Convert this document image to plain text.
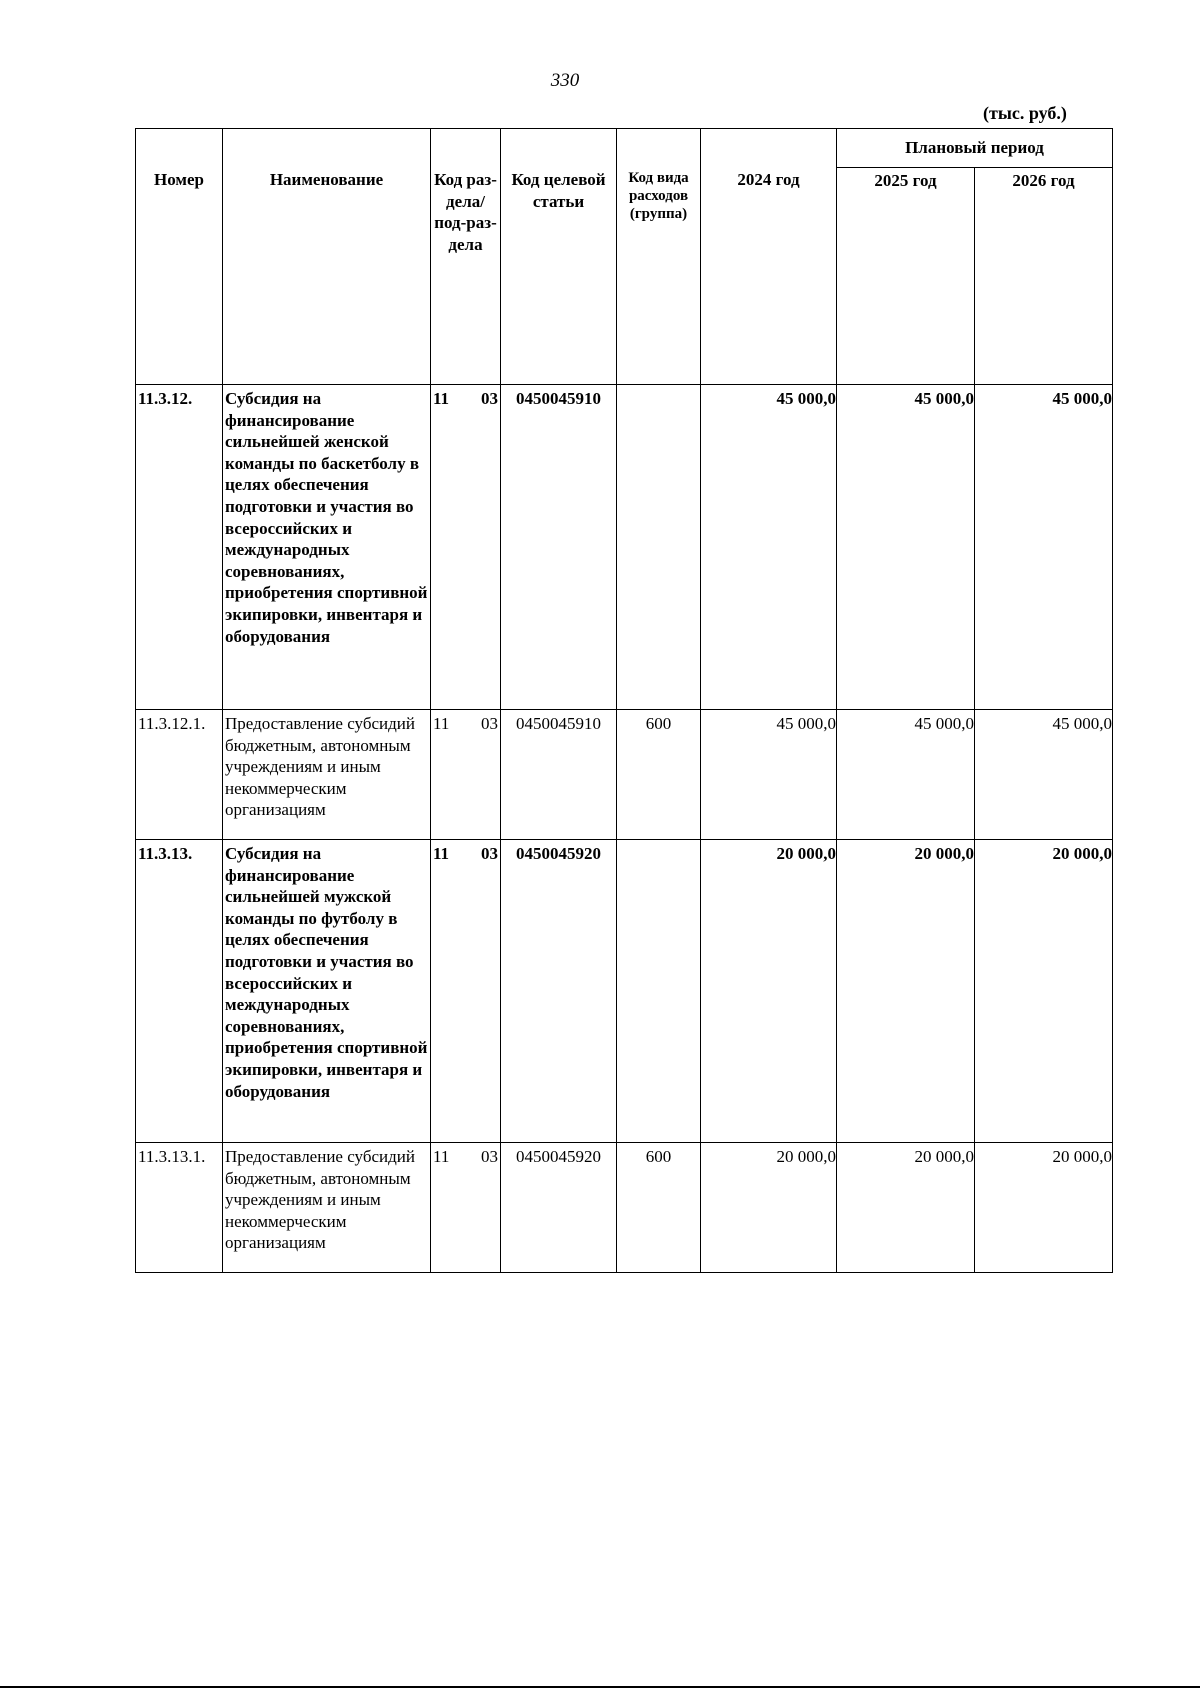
330
(тыс. руб.)
Номер	Наименование	Код раз-дела/ под-раз-дела	Код целевой статьи	Код вида расходов (группа)	2024 год	Плановый период	
						2025 год	2026 год
11.3.12.	Субсидия на финансирование сильнейшей женской команды по баскетболу в целях обеспечения подготовки и участия во всероссийских и международных соревнованиях, приобретения спортивной экипировки, инвентаря и оборудования	11 03	0450045910		45 000,0	45 000,0	45 000,0
11.3.12.1.	Предоставление субсидий бюджетным, автономным учреждениям и иным некоммерческим организациям	11 03	0450045910	600	45 000,0	45 000,0	45 000,0
11.3.13.	Субсидия на финансирование сильнейшей мужской команды по футболу в целях обеспечения подготовки и участия во всероссийских и международных соревнованиях, приобретения спортивной экипировки, инвентаря и оборудования	11 03	0450045920		20 000,0	20 000,0	20 000,0
11.3.13.1.	Предоставление субсидий бюджетным, автономным учреждениям и иным некоммерческим организациям	11 03	0450045920	600	20 000,0	20 000,0	20 000,0
